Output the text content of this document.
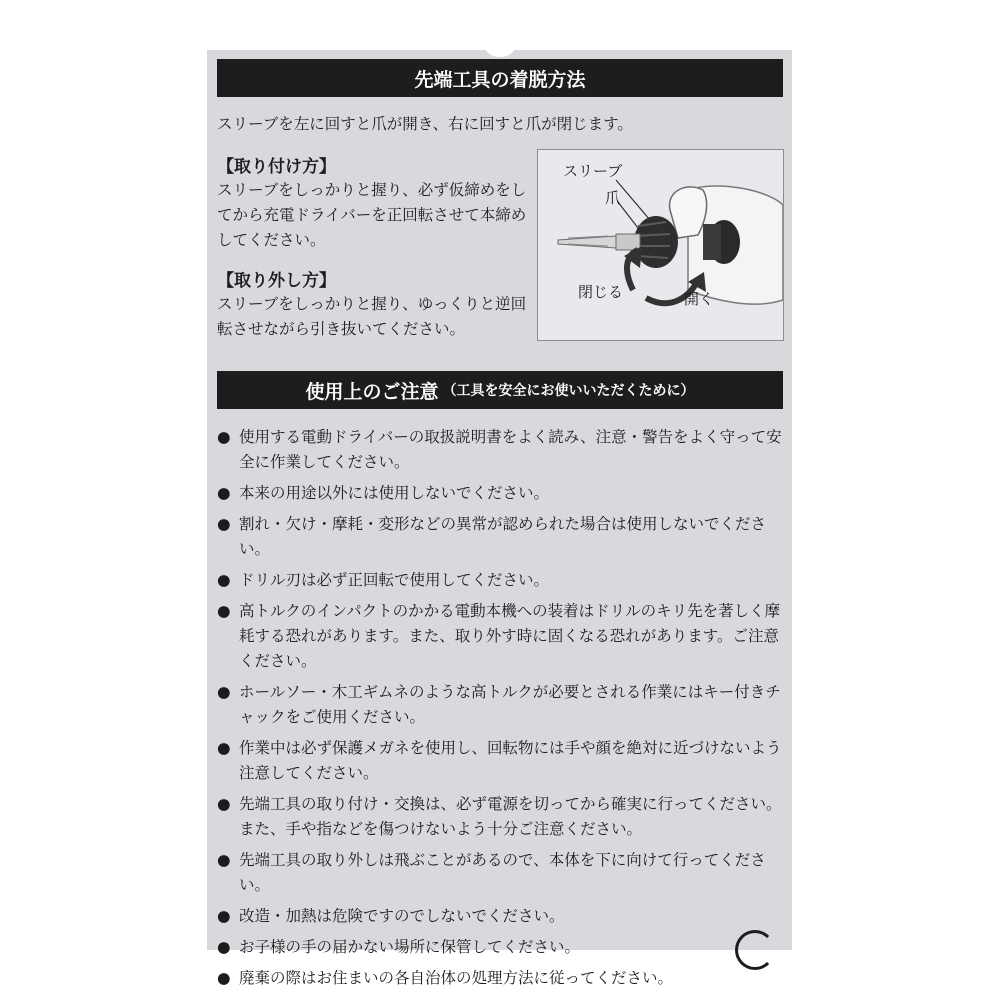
先端工具の着脱方法
スリーブを左に回すと爪が開き、右に回すと爪が閉じます。
【取り付け方】
スリーブをしっかりと握り、必ず仮締めをしてから充電ドライバーを正回転させて本締めしてください。
【取り外し方】
スリーブをしっかりと握り、ゆっくりと逆回転させながら引き抜いてください。
スリーブ
爪
閉じる	開く
使用上のご注意 （工具を安全にお使いいただくために）
● 使用する電動ドライバーの取扱説明書をよく読み、注意・警告をよく守って安全に作業してください。
● 本来の用途以外には使用しないでください。
● 割れ・欠け・摩耗・変形などの異常が認められた場合は使用しないでください。
● ドリル刃は必ず正回転で使用してください。
● 高トルクのインパクトのかかる電動本機への装着はドリルのキリ先を著しく摩耗する恐れがあります。また、取り外す時に固くなる恐れがあります。ご注意ください。
● ホールソー・木工ギムネのような高トルクが必要とされる作業にはキー付きチャックをご使用ください。
● 作業中は必ず保護メガネを使用し、回転物には手や顔を絶対に近づけないよう注意してください。
● 先端工具の取り付け・交換は、必ず電源を切ってから確実に行ってください。また、手や指などを傷つけないよう十分ご注意ください。
● 先端工具の取り外しは飛ぶことがあるので、本体を下に向けて行ってください。
● 改造・加熱は危険ですのでしないでください。
● お子様の手の届かない場所に保管してください。
● 廃棄の際はお住まいの各自治体の処理方法に従ってください。
